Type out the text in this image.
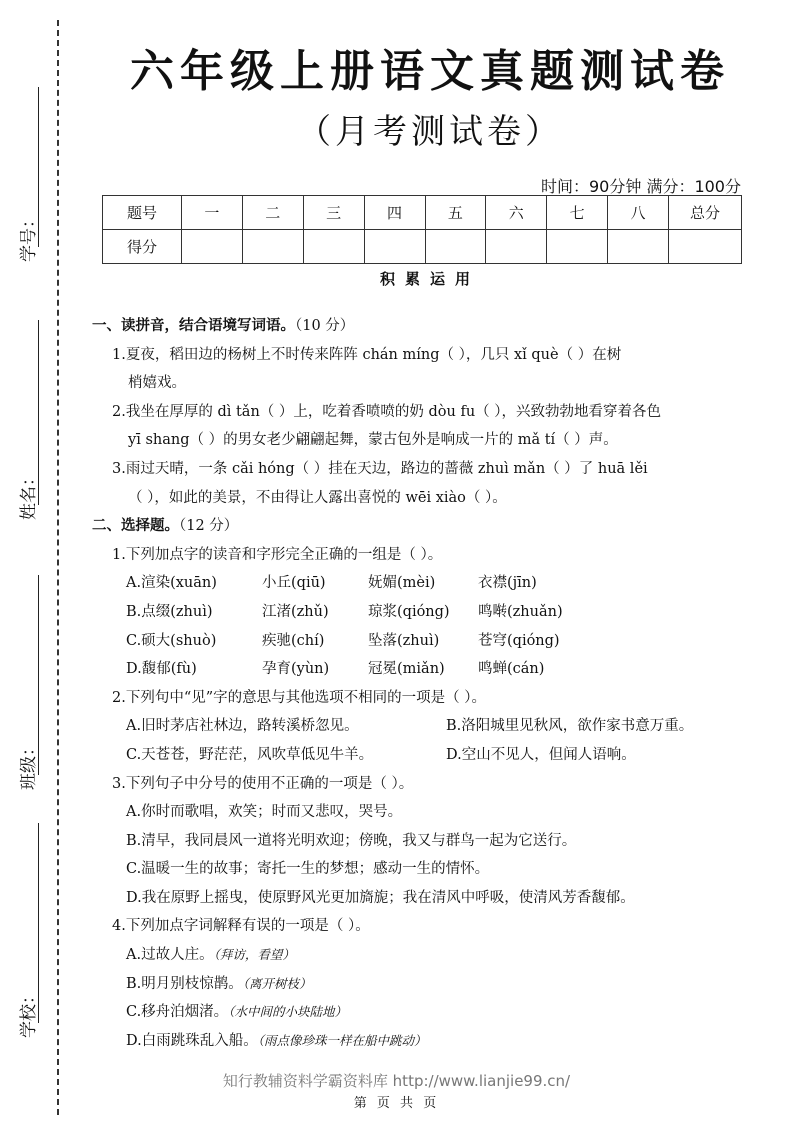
学号：
姓名：
班级：
学校：
六年级上册语文真题测试卷
（月考测试卷）
时间：90分钟 满分：100分
题号	一	二	三	四	五	六	七	八	总分
得分									
积累运用
一、读拼音，结合语境写词语。（10 分）
1.夏夜，稻田边的杨树上不时传来阵阵 chán míng（ ），几只 xǐ què（ ）在树
梢嬉戏。
2.我坐在厚厚的 dì tǎn（ ）上，吃着香喷喷的奶 dòu fu（ ），兴致勃勃地看穿着各色
yī shang（ ）的男女老少翩翩起舞，蒙古包外是响成一片的 mǎ tí（ ）声。
3.雨过天晴，一条 cǎi hóng（ ）挂在天边，路边的蔷薇 zhuì mǎn（ ）了 huā lěi
（ ），如此的美景，不由得让人露出喜悦的 wēi xiào（ ）。
二、选择题。（12 分）
1.下列加点字的读音和字形完全正确的一组是（ ）。
A.渲染(xuān)	小丘(qiū)	妩媚(mèi)	衣襟(jīn)
B.点缀(zhuì)	江渚(zhǔ)	琼浆(qióng)	鸣啭(zhuǎn)
C.硕大(shuò)	疾驰(chí)	坠落(zhuì)	苍穹(qióng)
D.馥郁(fù)	孕育(yùn)	冠冕(miǎn)	鸣蝉(cán)
2.下列句中“见”字的意思与其他选项不相同的一项是（ ）。
A.旧时茅店社林边，路转溪桥忽见。	B.洛阳城里见秋风，欲作家书意万重。
C.天苍苍，野茫茫，风吹草低见牛羊。	D.空山不见人，但闻人语响。
3.下列句子中分号的使用不正确的一项是（ ）。
A.你时而歌唱，欢笑；时而又悲叹，哭号。
B.清早，我同晨风一道将光明欢迎；傍晚，我又与群鸟一起为它送行。
C.温暖一生的故事；寄托一生的梦想；感动一生的情怀。
D.我在原野上摇曳，使原野风光更加旖旎；我在清风中呼吸，使清风芳香馥郁。
4.下列加点字词解释有误的一项是（ ）。
A.过故人庄。（拜访，看望）
B.明月别枝惊鹊。（离开树枝）
C.移舟泊烟渚。（水中间的小块陆地）
D.白雨跳珠乱入船。（雨点像珍珠一样在船中跳动）
知行教辅资料学霸资料库 http://www.lianjie99.cn/
第 页 共 页
